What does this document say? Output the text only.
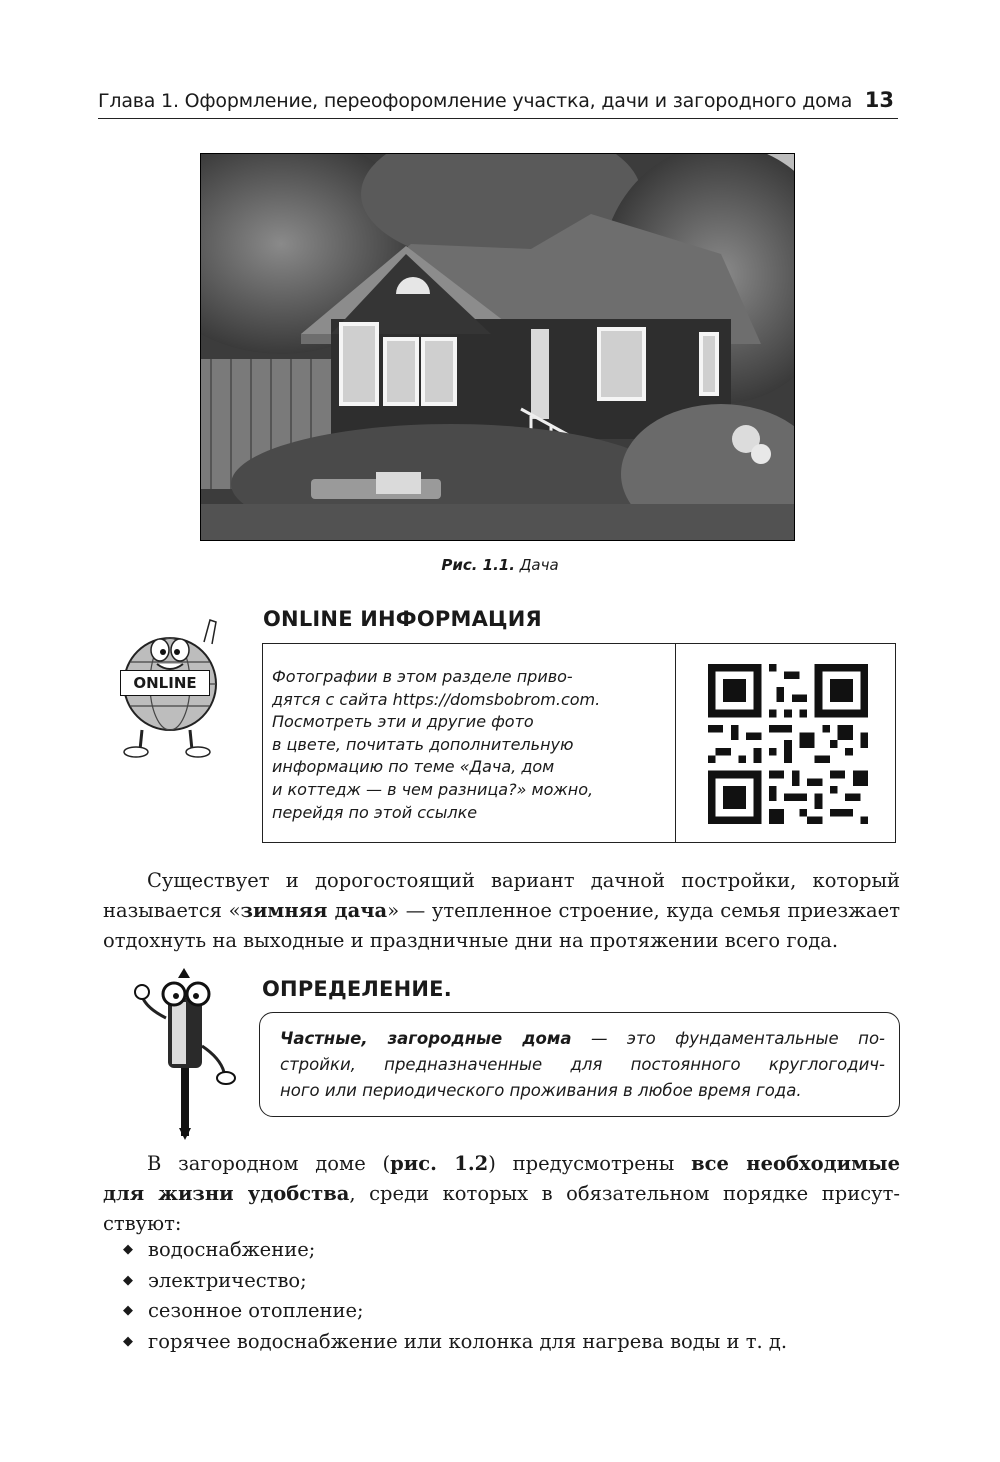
Глава 1. Оформление, переофоромление участка, дачи и загородного дома 13
Рис. 1.1. Дача
ONLINE
ONLINE ИНФОРМАЦИЯ
Фотографии в этом разделе приво-
дятся с сайта https://domsbobrom.com.
Посмотреть эти и другие фото
в цвете, почитать дополнительную
информацию по теме «Дача, дом
и коттедж — в чем разница?» можно,
перейдя по этой ссылке
Существует и дорогостоящий вариант дачной постройки, который
называется «зимняя дача» — утепленное строение, куда семья приезжает
отдохнуть на выходные и праздничные дни на протяжении всего года.
ОПРЕДЕЛЕНИЕ.
Частные, загородные дома — это фундаментальные по-
стройки, предназначенные для постоянного круглогодич-
ного или периодического проживания в любое время года.
В загородном доме (рис. 1.2) предусмотрены все необходимые
для жизни удобства, среди которых в обязательном порядке присут-
ствуют:
◆ водоснабжение;
◆ электричество;
◆ сезонное отопление;
◆ горячее водоснабжение или колонка для нагрева воды и т. д.
